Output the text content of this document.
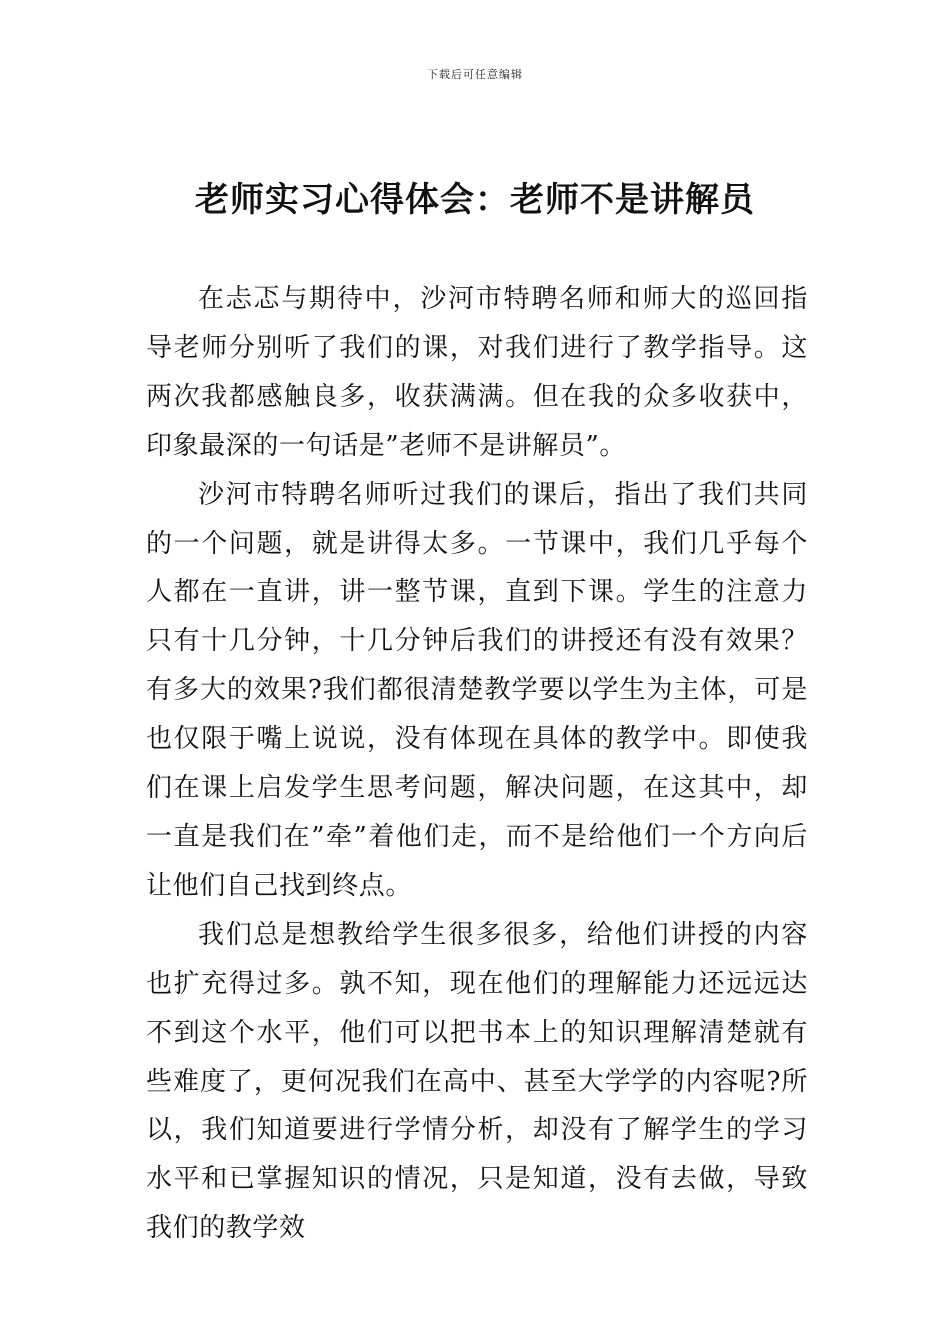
下载后可任意编辑
老师实习心得体会：老师不是讲解员

在忐忑与期待中，沙河市特聘名师和师大的巡回指导老师分别听了我们的课，对我们进行了教学指导。这两次我都感触良多，收获满满。但在我的众多收获中，印象最深的一句话是”老师不是讲解员”。

沙河市特聘名师听过我们的课后，指出了我们共同的一个问题，就是讲得太多。一节课中，我们几乎每个人都在一直讲，讲一整节课，直到下课。学生的注意力只有十几分钟，十几分钟后我们的讲授还有没有效果？有多大的效果?我们都很清楚教学要以学生为主体，可是也仅限于嘴上说说，没有体现在具体的教学中。即使我们在课上启发学生思考问题，解决问题，在这其中，却一直是我们在”牵”着他们走，而不是给他们一个方向后让他们自己找到终点。

我们总是想教给学生很多很多，给他们讲授的内容也扩充得过多。孰不知，现在他们的理解能力还远远达不到这个水平，他们可以把书本上的知识理解清楚就有些难度了，更何况我们在高中、甚至大学学的内容呢?所以，我们知道要进行学情分析，却没有了解学生的学习水平和已掌握知识的情况，只是知道，没有去做，导致我们的教学效
